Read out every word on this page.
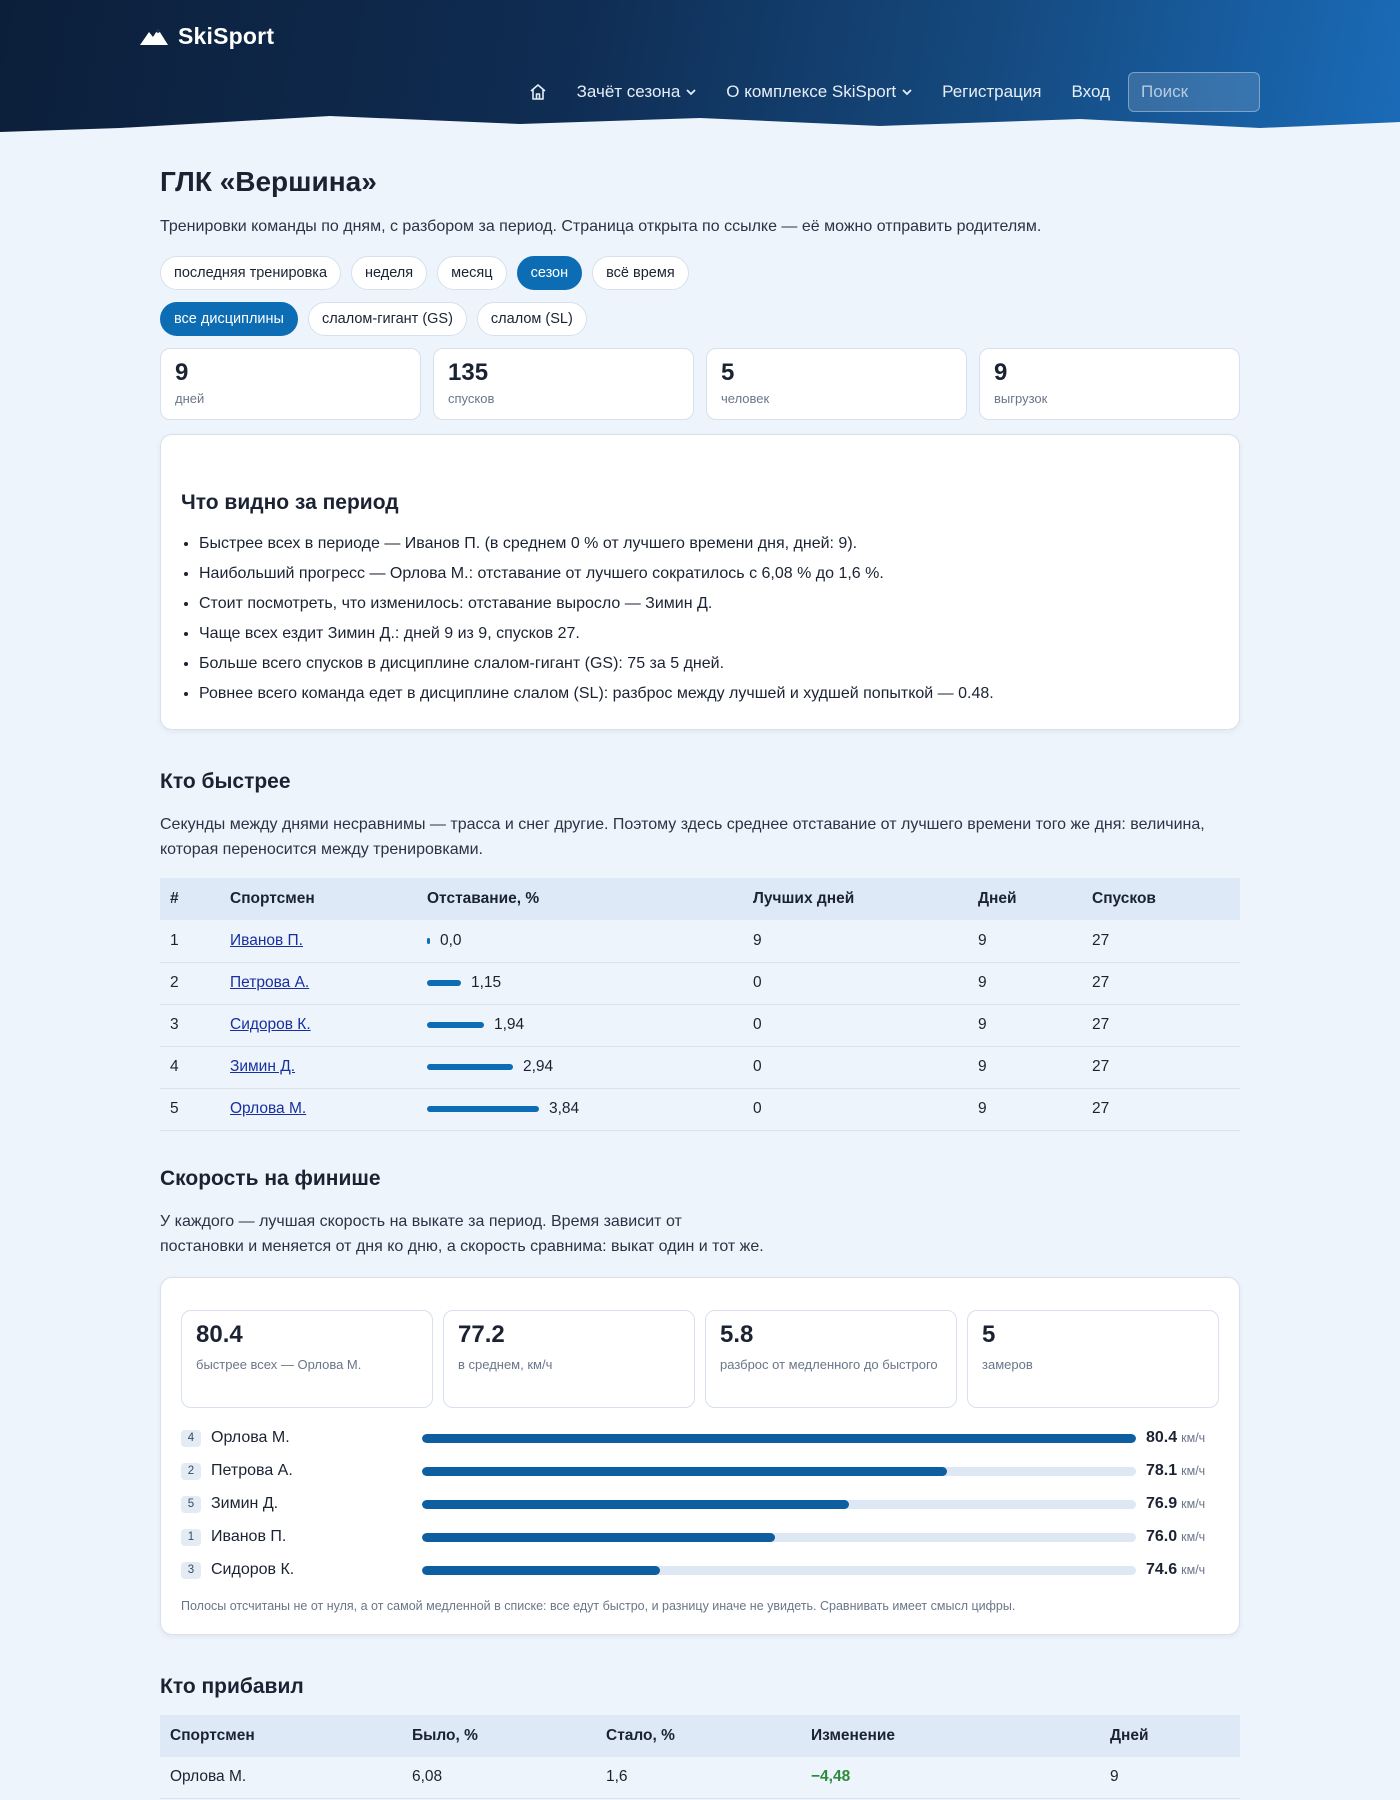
SkiSport
Зачёт сезона	О комплексе SkiSport	Регистрация Вход
Поиск
ГЛК «Вершина»

Тренировки команды по дням, с разбором за период. Страница открыта по ссылке — её можно отправить родителям.

последняя тренировка	неделя	месяц	сезон	всё время
все дисциплины	слалом-гигант (GS)	слалом (SL)
9
дней
135
спусков
5
человек
9
выгрузок
Что видно за период
• Быстрее всех в периоде — Иванов П. (в среднем 0 % от лучшего времени дня, дней: 9).
• Наибольший прогресс — Орлова М.: отставание от лучшего сократилось с 6,08 % до 1,6 %.
• Стоит посмотреть, что изменилось: отставание выросло — Зимин Д.
• Чаще всех ездит Зимин Д.: дней 9 из 9, спусков 27.
• Больше всего спусков в дисциплине слалом-гигант (GS): 75 за 5 дней.
• Ровнее всего команда едет в дисциплине слалом (SL): разброс между лучшей и худшей попыткой — 0.48.
Кто быстрее

Секунды между днями несравнимы — трасса и снег другие. Поэтому здесь среднее отставание от лучшего времени того же дня: величина, которая переносится между тренировками.

#	Спортсмен	Отставание, %	Лучших дней	Дней	Спусков
1	Иванов П.	0,0	9	9	27
2	Петрова А.	1,15	0	9	27
3	Сидоров К.	1,94	0	9	27
4	Зимин Д.	2,94	0	9	27
5	Орлова М.	3,84	0	9	27
Скорость на финише

У каждого — лучшая скорость на выкате за период. Время зависит от
постановки и меняется от дня ко дню, а скорость сравнима: выкат один и тот же.

80.4
быстрее всех — Орлова М.
77.2
в среднем, км/ч
5.8
разброс от медленного до быстрого
5
замеров
4	Орлова М.	80.4 км/ч
2	Петрова А.	78.1 км/ч
5	Зимин Д.	76.9 км/ч
1	Иванов П.	76.0 км/ч
3	Сидоров К.	74.6 км/ч

Полосы отсчитаны не от нуля, а от самой медленной в списке: все едут быстро, и разницу иначе не увидеть. Сравнивать имеет смысл цифры.

Кто прибавил
Спортсмен	Было, %	Стало, %	Изменение	Дней
Орлова М.	6,08	1,6	−4,48	9
